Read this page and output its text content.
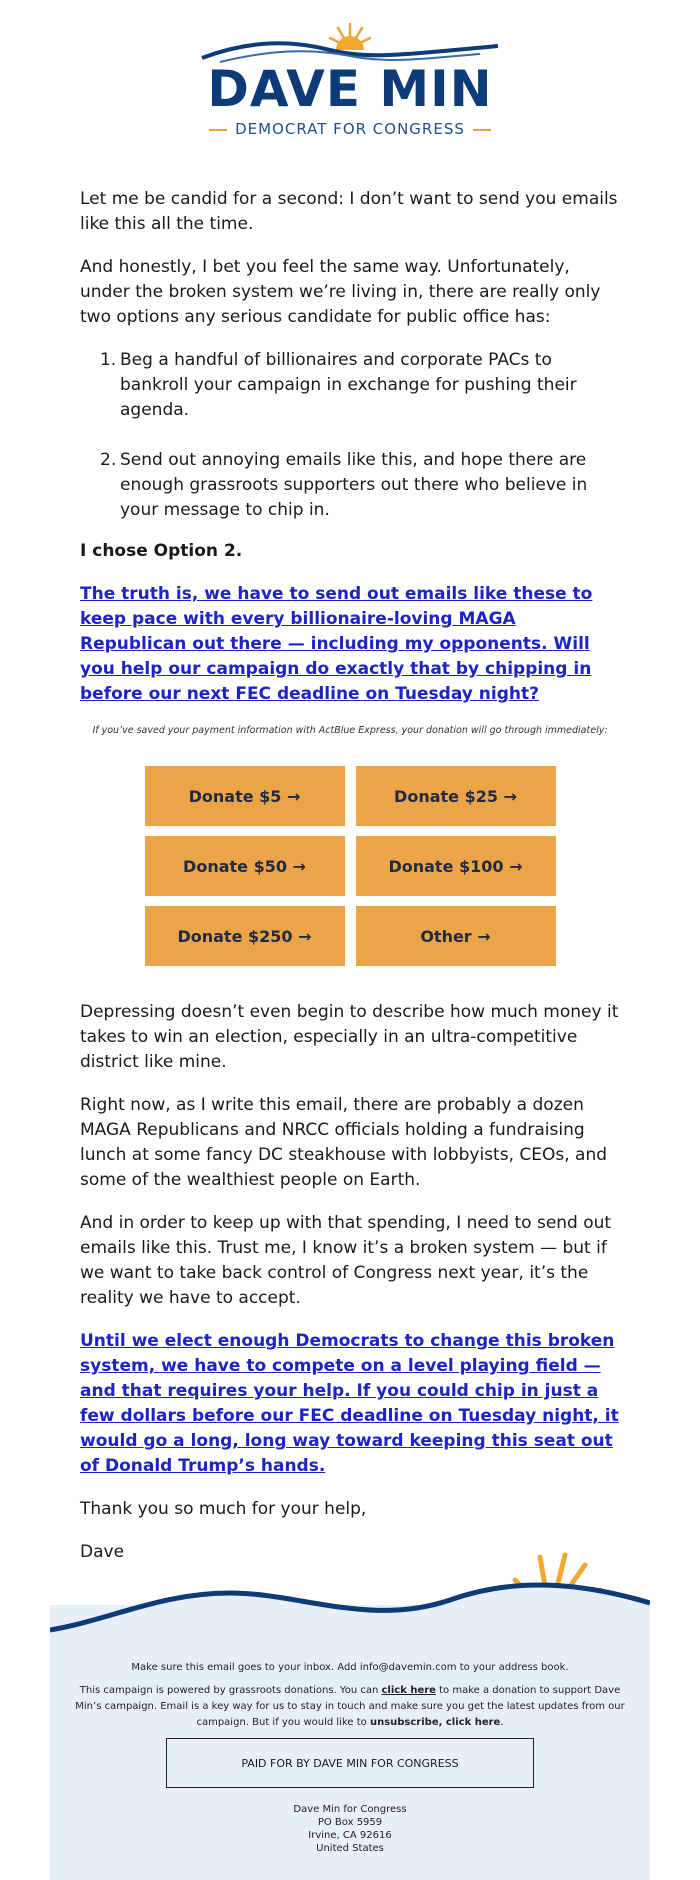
DAVE MIN
DEMOCRAT FOR CONGRESS

Let me be candid for a second: I don’t want to send you emails like this all the time.

And honestly, I bet you feel the same way. Unfortunately, under the broken system we’re living in, there are really only two options any serious candidate for public office has:

1. Beg a handful of billionaires and corporate PACs to bankroll your campaign in exchange for pushing their agenda.
2. Send out annoying emails like this, and hope there are enough grassroots supporters out there who believe in your message to chip in.

I chose Option 2.

The truth is, we have to send out emails like these to keep pace with every billionaire-loving MAGA Republican out there — including my opponents. Will you help our campaign do exactly that by chipping in before our next FEC deadline on Tuesday night?
If you’ve saved your payment information with ActBlue Express, your donation will go through immediately:
Donate $5 →	Donate $25 →
Donate $50 →	Donate $100 →
Donate $250 →	Other →

Depressing doesn’t even begin to describe how much money it takes to win an election, especially in an ultra-competitive district like mine.

Right now, as I write this email, there are probably a dozen MAGA Republicans and NRCC officials holding a fundraising lunch at some fancy DC steakhouse with lobbyists, CEOs, and some of the wealthiest people on Earth.

And in order to keep up with that spending, I need to send out emails like this. Trust me, I know it’s a broken system — but if we want to take back control of Congress next year, it’s the reality we have to accept.

Until we elect enough Democrats to change this broken system, we have to compete on a level playing field — and that requires your help. If you could chip in just a few dollars before our FEC deadline on Tuesday night, it would go a long, long way toward keeping this seat out of Donald Trump’s hands.

Thank you so much for your help,

Dave

Make sure this email goes to your inbox. Add info@davemin.com to your address book.
This campaign is powered by grassroots donations. You can click here to make a donation to support Dave Min’s campaign. Email is a key way for us to stay in touch and make sure you get the latest updates from our campaign. But if you would like to unsubscribe, click here.
PAID FOR BY DAVE MIN FOR CONGRESS
Dave Min for Congress
PO Box 5959
Irvine, CA 92616
United States
